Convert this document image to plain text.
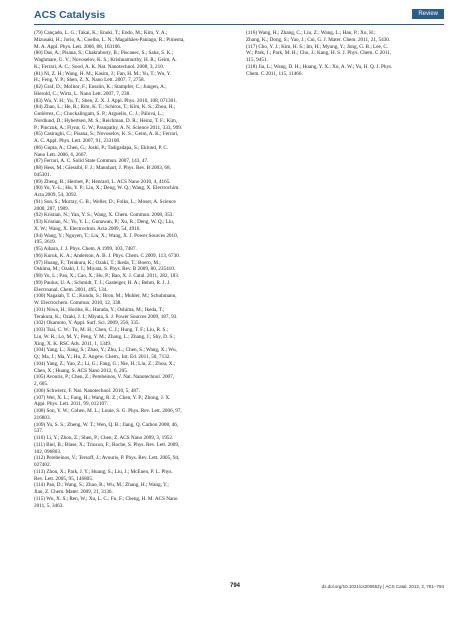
ACS Catalysis	Review
(79) Cançado, L. G.; Takai, K.; Enoki, T.; Endo, M.; Kim, Y. A.;
Mizusaki, H.; Jorio, A.; Coelho, L. N.; Magalhães-Paniago, R.; Pimenta,
M. A. Appl. Phys. Lett. 2006, 88, 163106.
(80) Das, A.; Pisana, S.; Chakraborty, B.; Piscanec, S.; Saha, S. K.;
Waghmare, U. V.; Novoselov, K. S.; Krishnamurthy, H. R.; Geim, A.
K.; Ferrari, A. C.; Sood, A. K. Nat. Nanotechnol. 2008, 3, 210.
(81) Ni, Z. H.; Wang, H. M.; Kasim, J.; Fan, H. M.; Yu, T.; Wu, Y.
H.; Feng, Y. P.; Shen, Z. X. Nano Lett. 2007, 7, 2758.
(82) Graf, D.; Molitor, F.; Ensslin, K.; Stampfer, C.; Jungen, A.;
Hierold, C.; Wirtz, L. Nano Lett. 2007, 7, 238.
(83) Wu, Y. H.; Yu, T.; Shen, Z. X. J. Appl. Phys. 2010, 108, 071301.
(84) Zhao, L.; He, R.; Rim, K. T.; Schiros, T.; Kim, K. S.; Zhou, H.;
Gutiérrez, C.; Chockalingam, S. P.; Arguello, C. J.; Pálová, L.;
Nordlund, D.; Hybertsen, M. S.; Reichman, D. R.; Heinz, T. F.; Kim,
P.; Pinczuk, A.; Flynn, G. W.; Pasupathy, A. N. Science 2011, 333, 999.
(85) Casiraghi, C.; Pisana, S.; Novoselov, K. S.; Geim, A. K.; Ferrari,
A. C. Appl. Phys. Lett. 2007, 91, 233108.
(86) Gupta, A.; Chen, G.; Joshi, P.; Tadigadapa, S.; Eklund, P. C.
Nano Lett. 2006, 6, 2667.
(87) Ferrari, A. C. Solid State Commun. 2007, 143, 47.
(88) Hess, M.; Giessibl, F. J.; Mannhart, J. Phys. Rev. B 2003, 68,
045301.
(89) Zheng, B.; Hermet, P.; Henrard, L. ACS Nano 2010, 4, 4165.
(90) Yu, Y.-L.; Hu, Y. P.; Liu, X.; Deng, W. Q.; Wang, X. Electrochim.
Acta 2009, 54, 3092.
(91) Sun, S.; Murray, C. B.; Weller, D.; Folks, L.; Moser, A. Science
2000, 287, 1989.
(92) Kristian, N.; Yan, Y. S.; Wang, X. Chem. Commun. 2008, 353.
(93) Kristian, N.; Yu, Y. L.; Gunawan, P.; Xu, R.; Deng, W. Q.; Liu,
X. W.; Wang, X. Electrochim. Acta 2009, 54, 4916.
(94) Wang, Y.; Nguyen, T.; Liu, X.; Wang, X. J. Power Sources 2010,
195, 2619.
(95) Aihara, J. J. Phys. Chem. A 1999, 103, 7487.
(96) Kuruk, K. A.; Anderson, A. B. J. Phys. Chem. C 2009, 113, 6730.
(97) Huang, F.; Terakura, K.; Ozaki, T.; Ikeda, T.; Boero, M.;
Oshima, M.; Ozaki, J. I.; Miyata, S. Phys. Rev. B 2009, 80, 235410.
(98) Yu, L.; Pan, X.; Cao, X.; Hu, P.; Bao, X. J. Catal. 2011, 282, 183.
(99) Paulus, U. A.; Schmidt, T. J.; Gasteiger, H. A.; Behm, R. J. J.
Electroanal. Chem. 2001, 495, 134.
(100) Nagaiah, T. C.; Kundu, S.; Bron, M.; Muhler, M.; Schuhmann,
W. Electrochem. Commun. 2010, 12, 338.
(101) Niwa, H.; Horiba, K.; Harada, Y.; Oshima, M.; Ikeda, T.;
Terakura, K.; Ozaki, J. I.; Miyata, S. J. Power Sources 2009, 187, 93.
(102) Okamoto, Y. Appl. Surf. Sci. 2009, 256, 335.
(103) Tsai, C. W.; Tu, M. H.; Chen, C. J.; Hung, T. F.; Liu, R. S.;
Liu, W. R.; Lo, M. Y.; Peng, Y. M.; Zhang, L.; Zhang, J.; Shy, D. S.;
Xing, X. K. RSC Adv. 2011, 1, 1349.
(104) Yang, L.; Jiang, S.; Zhao, Y.; Zhu, L.; Chen, S.; Wang, X.; Wu,
Q.; Ma, J.; Ma, Y.; Hu, Z. Angew. Chem., Int. Ed. 2011, 50, 7132.
(104) Yang, Z.; Yao, Z.; Li, G.; Fang, G.; Nie, H.; Liu, Z.; Zhou, X.;
Chen, X.; Huang, S. ACS Nano 2012, 6, 205.
(105) Avouris, P.; Chen, Z.; Perebeinos, V. Nat. Nanotechnol. 2007,
2, 605.
(106) Schwierz, F. Nat. Nanotechnol. 2010, 5, 487.
(107) Wei, X. L.; Fang, H.; Wang, R. Z.; Chen, Y. P.; Zhong, J. X.
Appl. Phys. Lett. 2011, 99, 012107.
(108) Son, Y. W.; Cohen, M. L.; Louie, S. G. Phys. Rev. Lett. 2006, 97,
216803.
(109) Yu, S. S.; Zheng, W. T.; Wen, Q. B.; Jiang, Q. Carbon 2008, 46,
537.
(110) Li, Y.; Zhou, Z.; Shen, P.; Chen, Z. ACS Nano 2009, 3, 1952.
(111) Biel, B.; Blase, X.; Triozon, F.; Roche, S. Phys. Rev. Lett. 2009,
102, 096803.
(112) Perebeinos, V.; Tersoff, J.; Avouris, P. Phys. Rev. Lett. 2005, 94,
027402.
(113) Zhou, X.; Park, J. Y.; Huang, S.; Liu, J.; McEuen, P. L. Phys.
Rev. Lett. 2005, 95, 146805.
(114) Pan, D.; Wang, S.; Zhao, B.; Wu, M.; Zhang, H.; Wang, Y.;
Jiao, Z. Chem. Mater. 2009, 21, 3136.
(115) Wu, X. S.; Ren, W.; Xu, L. C.; Fu, F.; Cheng, H. M. ACS Nano
2011, 5, 3463.
(116) Wang, H.; Zhang, C.; Liu, Z.; Wang, L.; Han, P.; Xu, H.;
Zhang, K.; Dong, S.; Yao, J.; Cui, G. J. Mater. Chem. 2011, 21, 5430.
(117) Cho, Y. J.; Kim, H. S.; Im, H.; Myung, Y.; Jung, G. B.; Lee, C.
W.; Park, J.; Park, M. H.; Cho, J.; Kang, H. S. J. Phys. Chem. C 2011,
115, 9451.
(118) Jia, L.; Wang, D. H.; Huang, Y. X.; Xu, A. W.; Yu, H. Q. J. Phys.
Chem. C 2011, 115, 11466.
794	dx.doi.org/10.1021/cs200652y | ACS Catal. 2012, 2, 781−794
